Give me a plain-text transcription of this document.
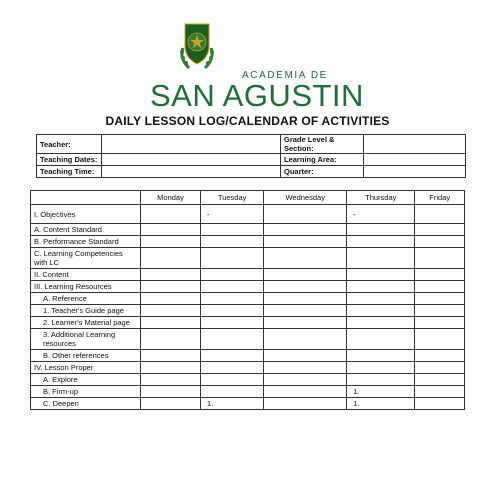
ACADEMIA DE
SAN AGUSTIN
DAILY LESSON LOG/CALENDAR OF ACTIVITIES
Teacher:		Grade Level & Section:	
Teaching Dates:		Learning Area:	
Teaching Time:		Quarter:	
	Monday	Tuesday	Wednesday	Thursday	Friday
I. Objectives		-		-	
A. Content Standard					
B. Performance Standard					
C. Learning Competencies with LC					
II. Content					
III. Learning Resources					
A. Reference					
1. Teacher's Guide page					
2. Learner's Material page					
3. Additional Learning resources					
B. Other references					
IV. Lesson Proper					
A. Explore					
B. Firm-up				1.	
C. Deepen		1.		1.	
